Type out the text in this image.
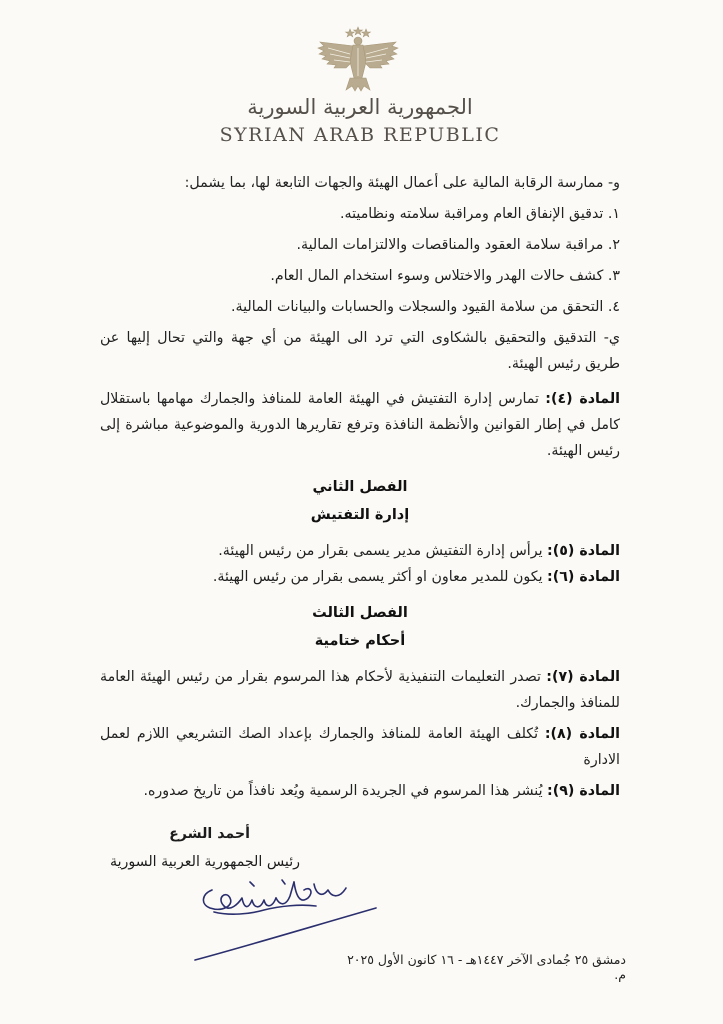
الجمهورية العربية السورية
SYRIAN ARAB REPUBLIC

و- ممارسة الرقابة المالية على أعمال الهيئة والجهات التابعة لها، بما يشمل:

١. تدقيق الإنفاق العام ومراقبة سلامته ونظاميته.

٢. مراقبة سلامة العقود والمناقصات والالتزامات المالية.

٣. كشف حالات الهدر والاختلاس وسوء استخدام المال العام.

٤. التحقق من سلامة القيود والسجلات والحسابات والبيانات المالية.

ي- التدقيق والتحقيق بالشكاوى التي ترد الى الهيئة من أي جهة والتي تحال إليها عن طريق رئيس الهيئة.

المادة (٤): تمارس إدارة التفتيش في الهيئة العامة للمنافذ والجمارك مهامها باستقلال كامل في إطار القوانين والأنظمة النافذة وترفع تقاريرها الدورية والموضوعية مباشرة إلى رئيس الهيئة.

الفصل الثاني

إدارة التفتيش

المادة (٥): يرأس إدارة التفتيش مدير يسمى بقرار من رئيس الهيئة.

المادة (٦): يكون للمدير معاون او أكثر يسمى بقرار من رئيس الهيئة.

الفصل الثالث

أحكام ختامية

المادة (٧): تصدر التعليمات التنفيذية لأحكام هذا المرسوم بقرار من رئيس الهيئة العامة للمنافذ والجمارك.

المادة (٨): تُكلف الهيئة العامة للمنافذ والجمارك بإعداد الصك التشريعي اللازم لعمل الادارة

المادة (٩): يُنشر هذا المرسوم في الجريدة الرسمية ويُعد نافذاً من تاريخ صدوره.

أحمد الشرع
رئيس الجمهورية العربية السورية
دمشق ٢٥ جُمادى الآخر ١٤٤٧هـ - ١٦ كانون الأول ٢٠٢٥ م.
